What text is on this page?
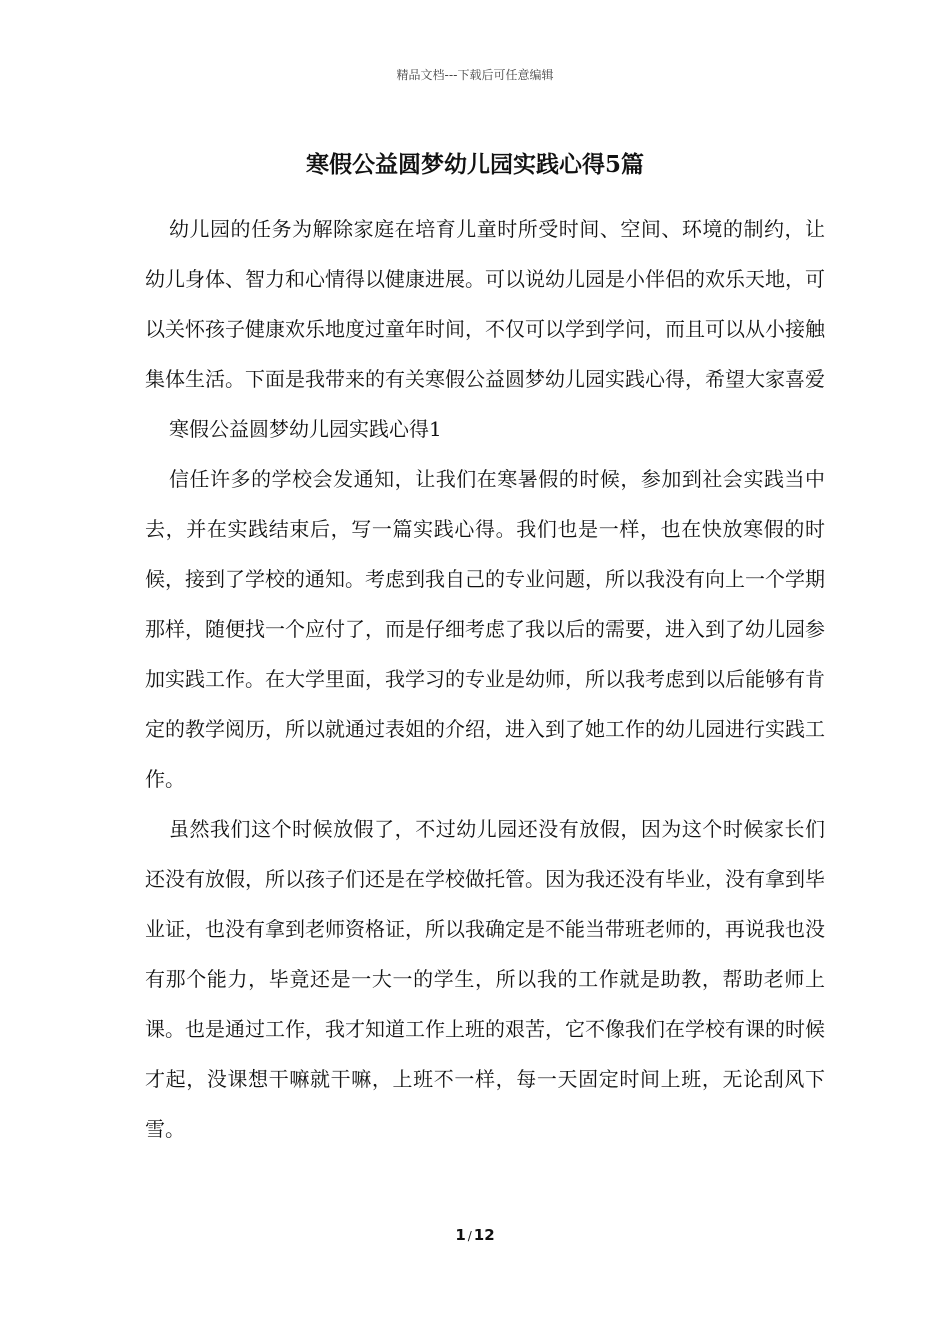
精品文档---下载后可任意编辑
寒假公益圆梦幼儿园实践心得5篇

幼儿园的任务为解除家庭在培育儿童时所受时间、空间、环境的制约，让幼儿身体、智力和心情得以健康进展。可以说幼儿园是小伴侣的欢乐天地，可以关怀孩子健康欢乐地度过童年时间，不仅可以学到学问，而且可以从小接触集体生活。下面是我带来的有关寒假公益圆梦幼儿园实践心得，希望大家喜爱

寒假公益圆梦幼儿园实践心得1

信任许多的学校会发通知，让我们在寒暑假的时候，参加到社会实践当中去，并在实践结束后，写一篇实践心得。我们也是一样，也在快放寒假的时候，接到了学校的通知。考虑到我自己的专业问题，所以我没有向上一个学期那样，随便找一个应付了，而是仔细考虑了我以后的需要，进入到了幼儿园参加实践工作。在大学里面，我学习的专业是幼师，所以我考虑到以后能够有肯定的教学阅历，所以就通过表姐的介绍，进入到了她工作的幼儿园进行实践工作。

虽然我们这个时候放假了，不过幼儿园还没有放假，因为这个时候家长们还没有放假，所以孩子们还是在学校做托管。因为我还没有毕业，没有拿到毕业证，也没有拿到老师资格证，所以我确定是不能当带班老师的，再说我也没有那个能力，毕竟还是一大一的学生，所以我的工作就是助教，帮助老师上课。也是通过工作，我才知道工作上班的艰苦，它不像我们在学校有课的时候才起，没课想干嘛就干嘛，上班不一样，每一天固定时间上班，无论刮风下雪。

1 / 12
